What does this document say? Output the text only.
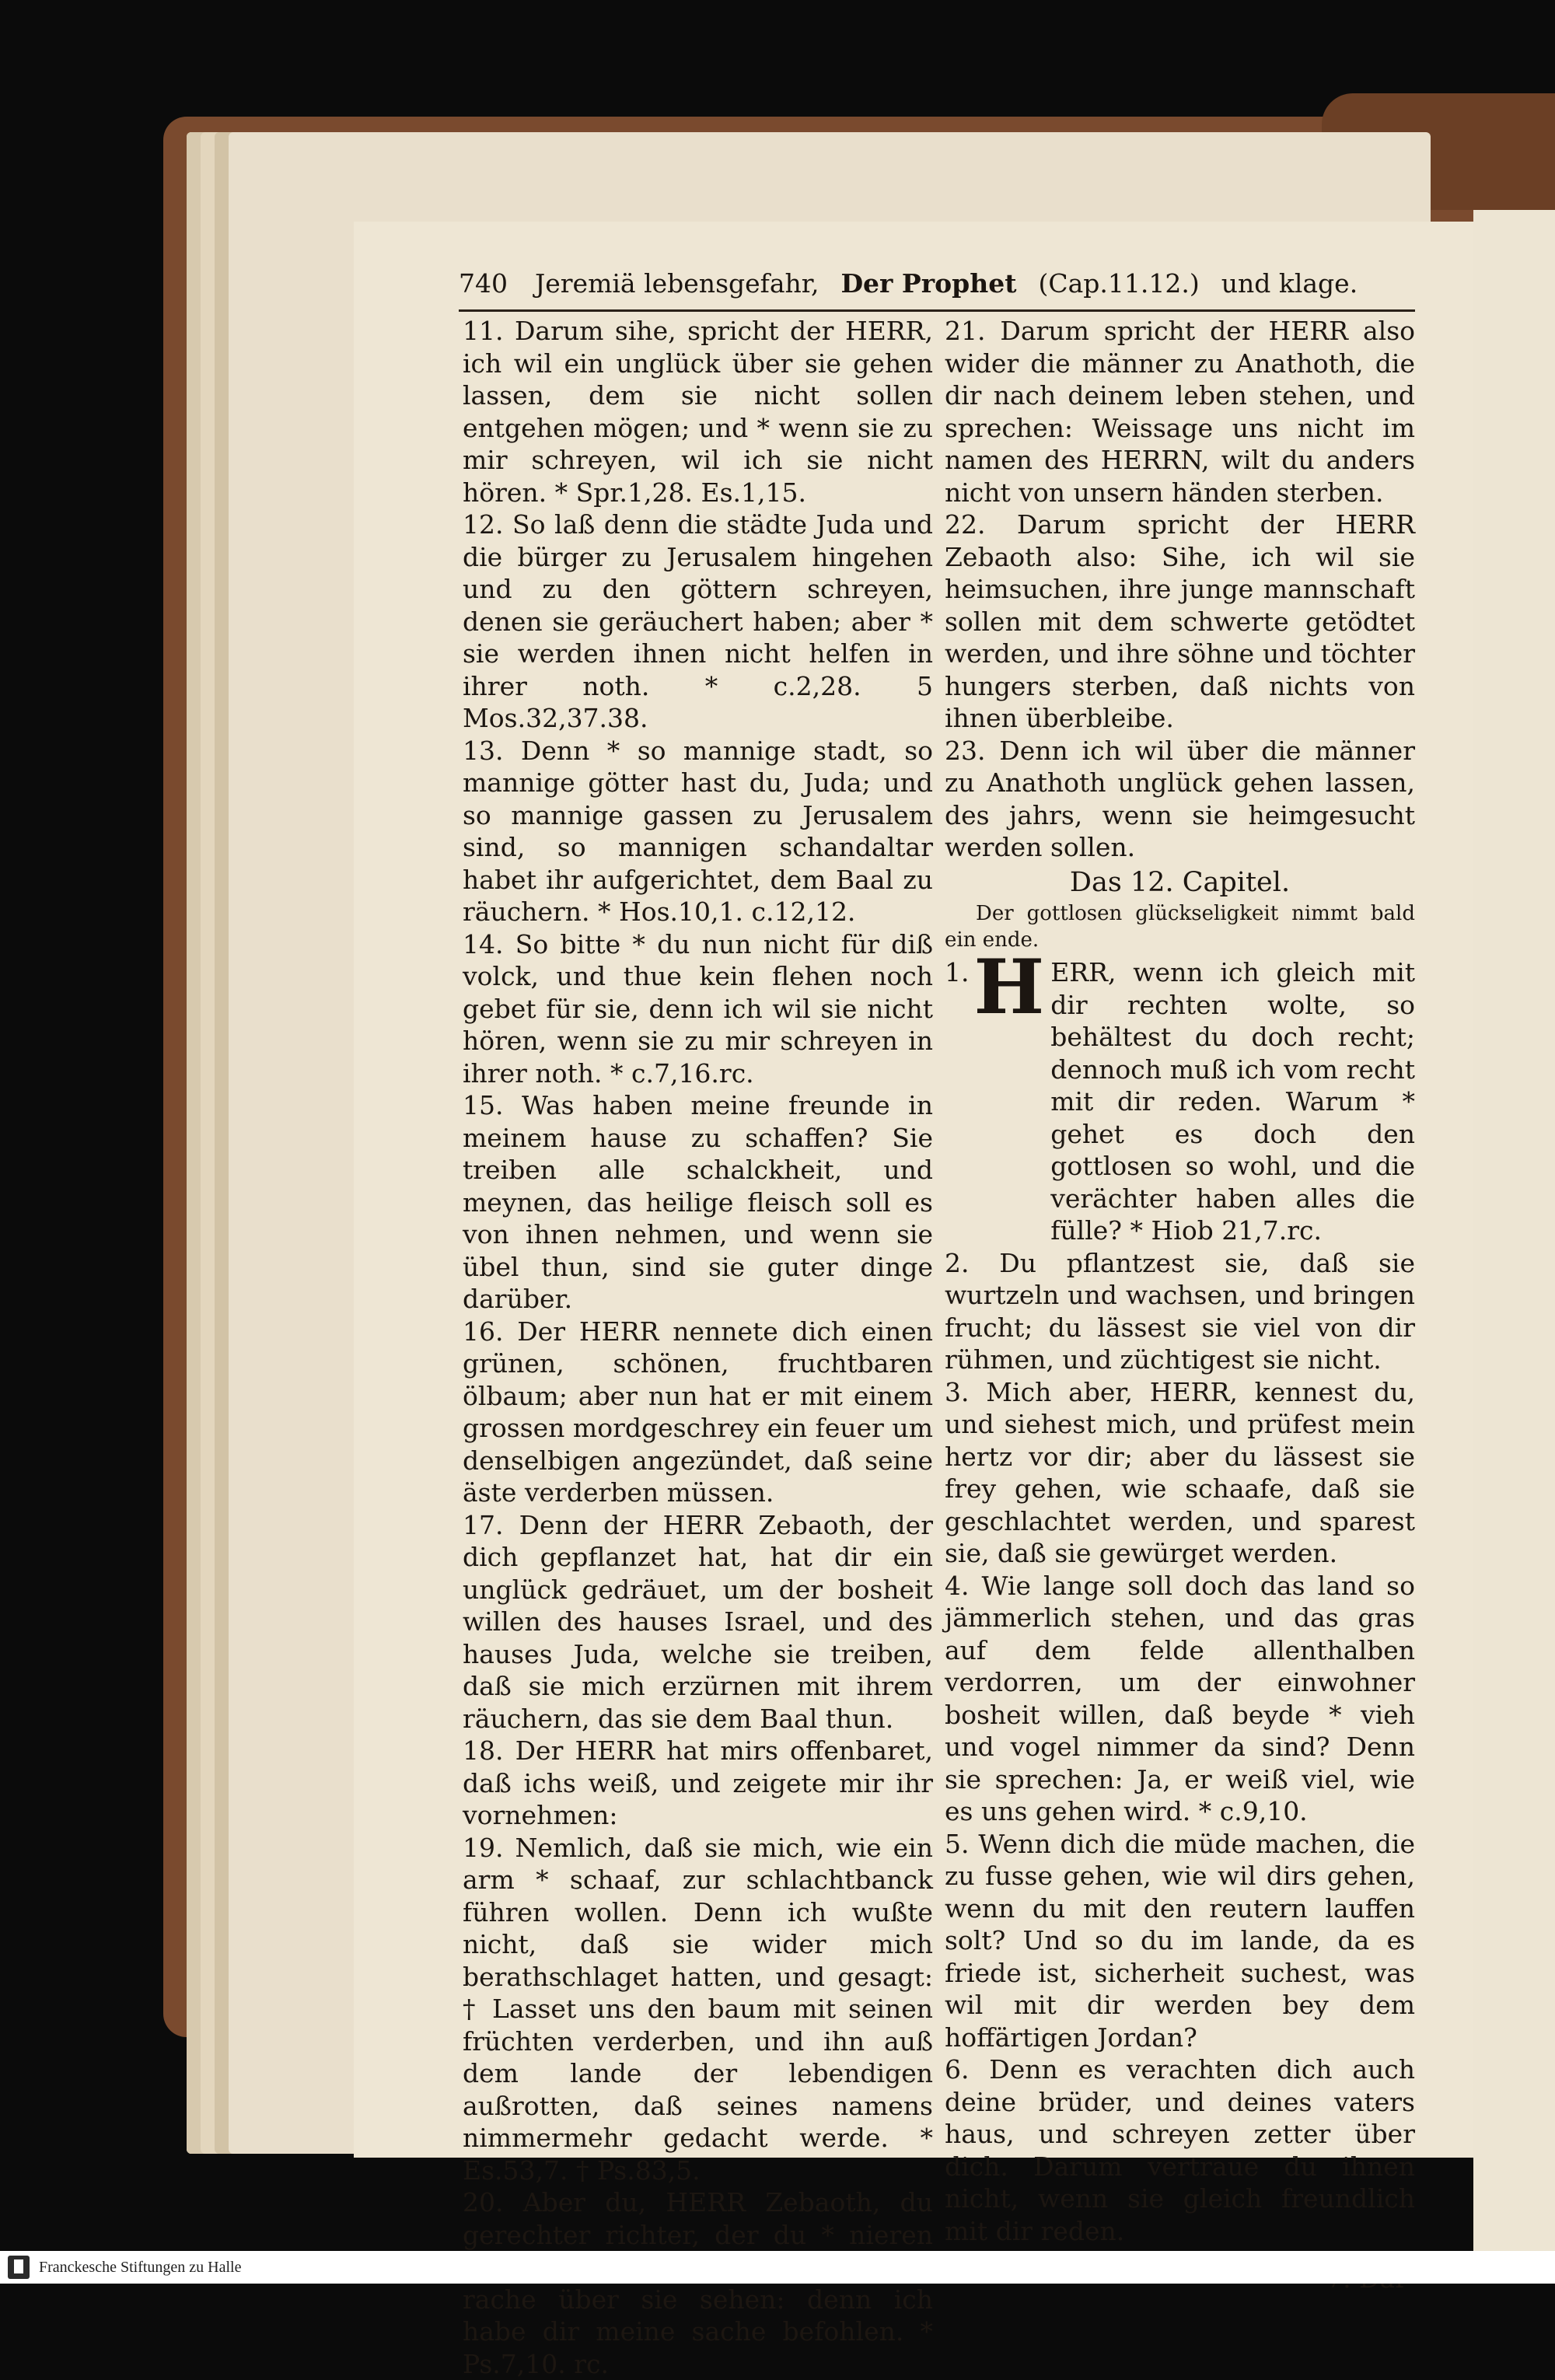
740 Jeremiä lebensgefahr, Der Prophet (Cap.11.12.) und klage.

11. Darum sihe, spricht der HERR, ich wil ein unglück über sie gehen lassen, dem sie nicht sollen entgehen mögen; und * wenn sie zu mir schreyen, wil ich sie nicht hören. * Spr.1,28. Es.1,15.

12. So laß denn die städte Juda und die bürger zu Jerusalem hingehen und zu den göttern schreyen, denen sie geräuchert haben; aber * sie werden ihnen nicht helfen in ihrer noth. * c.2,28. 5 Mos.32,37.38.

13. Denn * so mannige stadt, so mannige götter hast du, Juda; und so mannige gassen zu Jerusalem sind, so mannigen schandaltar habet ihr aufgerichtet, dem Baal zu räuchern. * Hos.10,1. c.12,12.

14. So bitte * du nun nicht für diß volck, und thue kein flehen noch gebet für sie, denn ich wil sie nicht hören, wenn sie zu mir schreyen in ihrer noth. * c.7,16.rc.

15. Was haben meine freunde in meinem hause zu schaffen? Sie treiben alle schalckheit, und meynen, das heilige fleisch soll es von ihnen nehmen, und wenn sie übel thun, sind sie guter dinge darüber.

16. Der HERR nennete dich einen grünen, schönen, fruchtbaren ölbaum; aber nun hat er mit einem grossen mordgeschrey ein feuer um denselbigen angezündet, daß seine äste verderben müssen.

17. Denn der HERR Zebaoth, der dich gepflanzet hat, hat dir ein unglück gedräuet, um der bosheit willen des hauses Israel, und des hauses Juda, welche sie treiben, daß sie mich erzürnen mit ihrem räuchern, das sie dem Baal thun.

18. Der HERR hat mirs offenbaret, daß ichs weiß, und zeigete mir ihr vornehmen:

19. Nemlich, daß sie mich, wie ein arm * schaaf, zur schlachtbanck führen wollen. Denn ich wußte nicht, daß sie wider mich berathschlaget hatten, und gesagt: † Lasset uns den baum mit seinen früchten verderben, und ihn auß dem lande der lebendigen außrotten, daß seines namens nimmermehr gedacht werde. * Es.53,7. † Ps.83,5.

20. Aber du, HERR Zebaoth, du gerechter richter, der du * nieren rache über sie sehen: denn ich habe dir meine sache befohlen. * Ps.7,10. rc.

21. Darum spricht der HERR also wider die männer zu Anathoth, die dir nach deinem leben stehen, und sprechen: Weissage uns nicht im namen des HERRN, wilt du anders nicht von unsern händen sterben.

22. Darum spricht der HERR Zebaoth also: Sihe, ich wil sie heimsuchen, ihre junge mannschaft sollen mit dem schwerte getödtet werden, und ihre söhne und töchter hungers sterben, daß nichts von ihnen überbleibe.

23. Denn ich wil über die männer zu Anathoth unglück gehen lassen, des jahrs, wenn sie heimgesucht werden sollen.

Das 12. Capitel.
Der gottlosen glückseligkeit nimmt bald ein ende.
1. H ERR, wenn ich gleich mit dir rechten wolte, so behältest du doch recht; dennoch muß ich vom recht mit dir reden. Warum * gehet es doch den gottlosen so wohl, und die verächter haben alles die fülle? * Hiob 21,7.rc.

2. Du pflantzest sie, daß sie wurtzeln und wachsen, und bringen frucht; du lässest sie viel von dir rühmen, und züchtigest sie nicht.

3. Mich aber, HERR, kennest du, und siehest mich, und prüfest mein hertz vor dir; aber du lässest sie frey gehen, wie schaafe, daß sie geschlachtet werden, und sparest sie, daß sie gewürget werden.

4. Wie lange soll doch das land so jämmerlich stehen, und das gras auf dem felde allenthalben verdorren, um der einwohner bosheit willen, daß beyde * vieh und vogel nimmer da sind? Denn sie sprechen: Ja, er weiß viel, wie es uns gehen wird. * c.9,10.

5. Wenn dich die müde machen, die zu fusse gehen, wie wil dirs gehen, wenn du mit den reutern lauffen solt? Und so du im lande, da es friede ist, sicherheit suchest, was wil mit dir werden bey dem hoffärtigen Jordan?

6. Denn es verachten dich auch deine brüder, und deines vaters haus, und schreyen zetter über dich. Darum vertraue du ihnen nicht, wenn sie gleich freundlich mit dir reden.

Franckesche Stiftungen zu Halle
